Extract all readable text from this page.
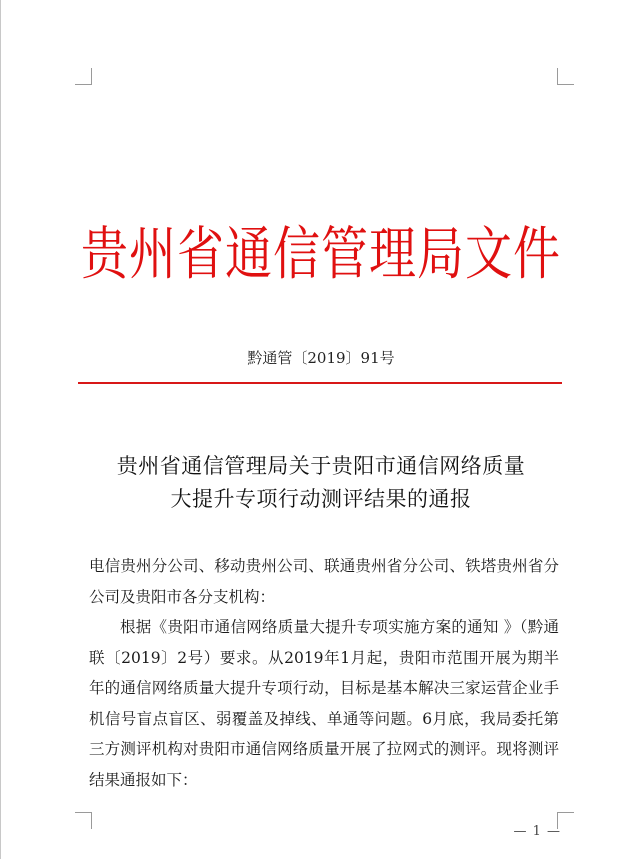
贵州省通信管理局文件
黔通管〔2019〕91号
贵州省通信管理局关于贵阳市通信网络质量
大提升专项行动测评结果的通报

电信贵州分公司、移动贵州公司、联通贵州省分公司、铁塔贵州省分公司及贵阳市各分支机构：

根据《贵阳市通信网络质量大提升专项实施方案的通知 》（黔通联〔2019〕2号）要求。从2019年1月起，贵阳市范围开展为期半年的通信网络质量大提升专项行动，目标是基本解决三家运营企业手机信号盲点盲区、弱覆盖及掉线、单通等问题。6月底，我局委托第三方测评机构对贵阳市通信网络质量开展了拉网式的测评。现将测评结果通报如下：

— 1 —
